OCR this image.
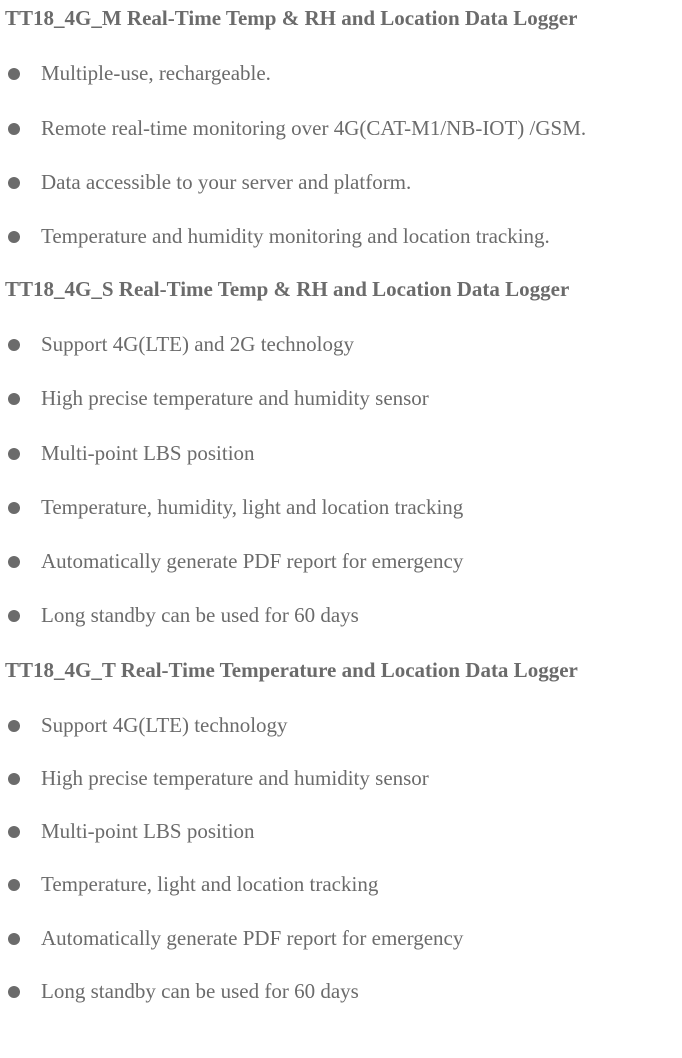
TT18_4G_M Real-Time Temp & RH and Location Data Logger
Multiple-use, rechargeable.
Remote real-time monitoring over 4G(CAT-M1/NB-IOT) /GSM.
Data accessible to your server and platform.
Temperature and humidity monitoring and location tracking.
TT18_4G_S Real-Time Temp & RH and Location Data Logger
Support 4G(LTE) and 2G technology
High precise temperature and humidity sensor
Multi-point LBS position
Temperature, humidity, light and location tracking
Automatically generate PDF report for emergency
Long standby can be used for 60 days
TT18_4G_T Real-Time Temperature and Location Data Logger
Support 4G(LTE) technology
High precise temperature and humidity sensor
Multi-point LBS position
Temperature, light and location tracking
Automatically generate PDF report for emergency
Long standby can be used for 60 days
